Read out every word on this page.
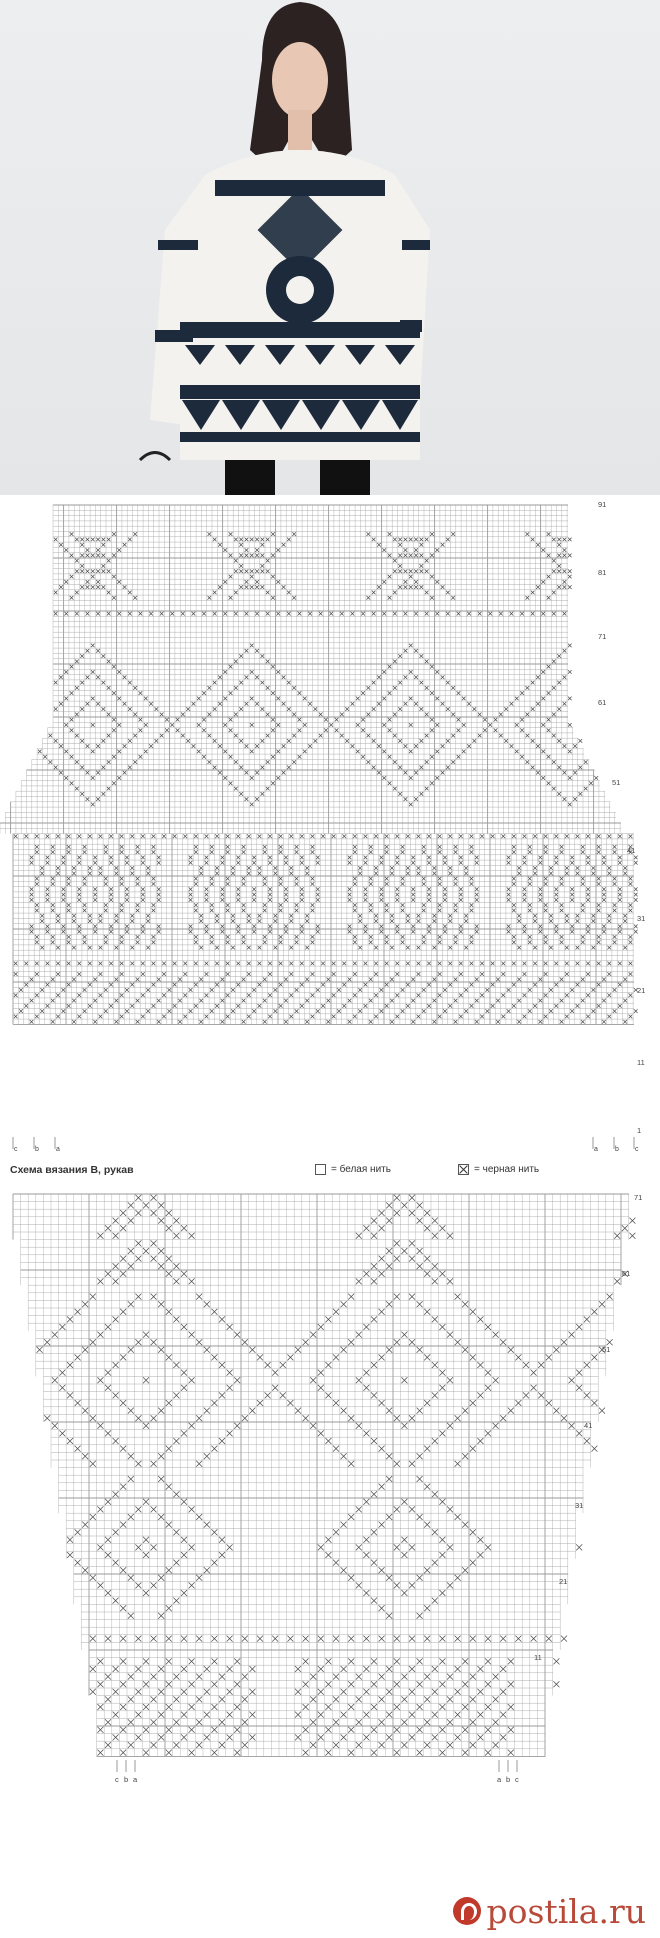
91
81
71
61
51
41
31
21
11
1
c	b a	a b c
Схема вязания В, рукав	= белая нить	= черная нить
71
61
51
41
31
21
11
c b a	a b c
postila.ru
